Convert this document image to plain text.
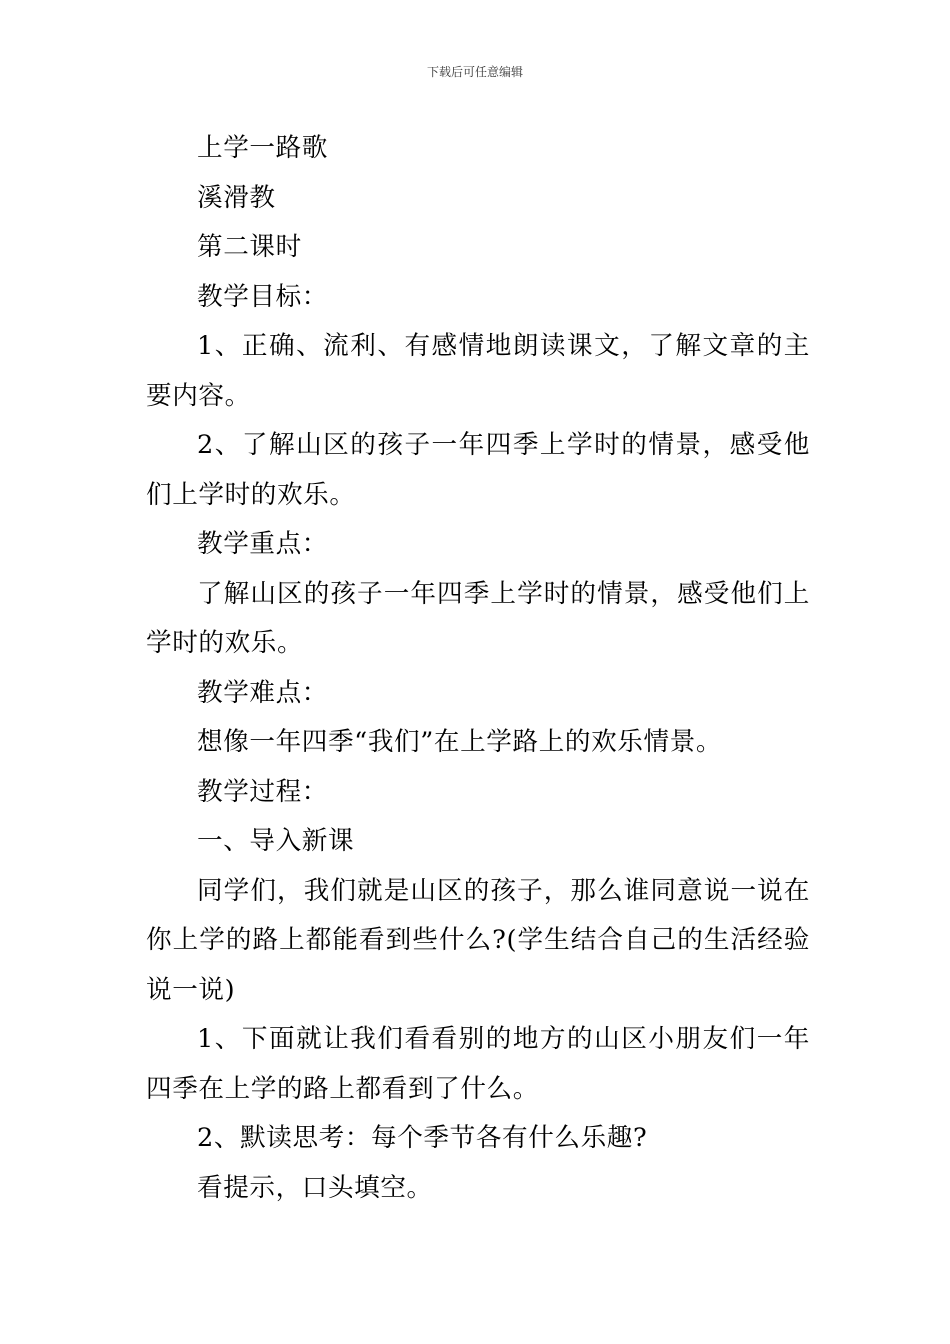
下载后可任意编辑

上学一路歌

溪滑教

第二课时

教学目标：

1、正确、流利、有感情地朗读课文，了解文章的主要内容。

2、了解山区的孩子一年四季上学时的情景，感受他们上学时的欢乐。

教学重点：

了解山区的孩子一年四季上学时的情景，感受他们上学时的欢乐。

教学难点：

想像一年四季“我们”在上学路上的欢乐情景。

教学过程：

一、导入新课

同学们，我们就是山区的孩子，那么谁同意说一说在你上学的路上都能看到些什么?(学生结合自己的生活经验说一说)

1、下面就让我们看看别的地方的山区小朋友们一年四季在上学的路上都看到了什么。

2、默读思考：每个季节各有什么乐趣?

看提示，口头填空。
